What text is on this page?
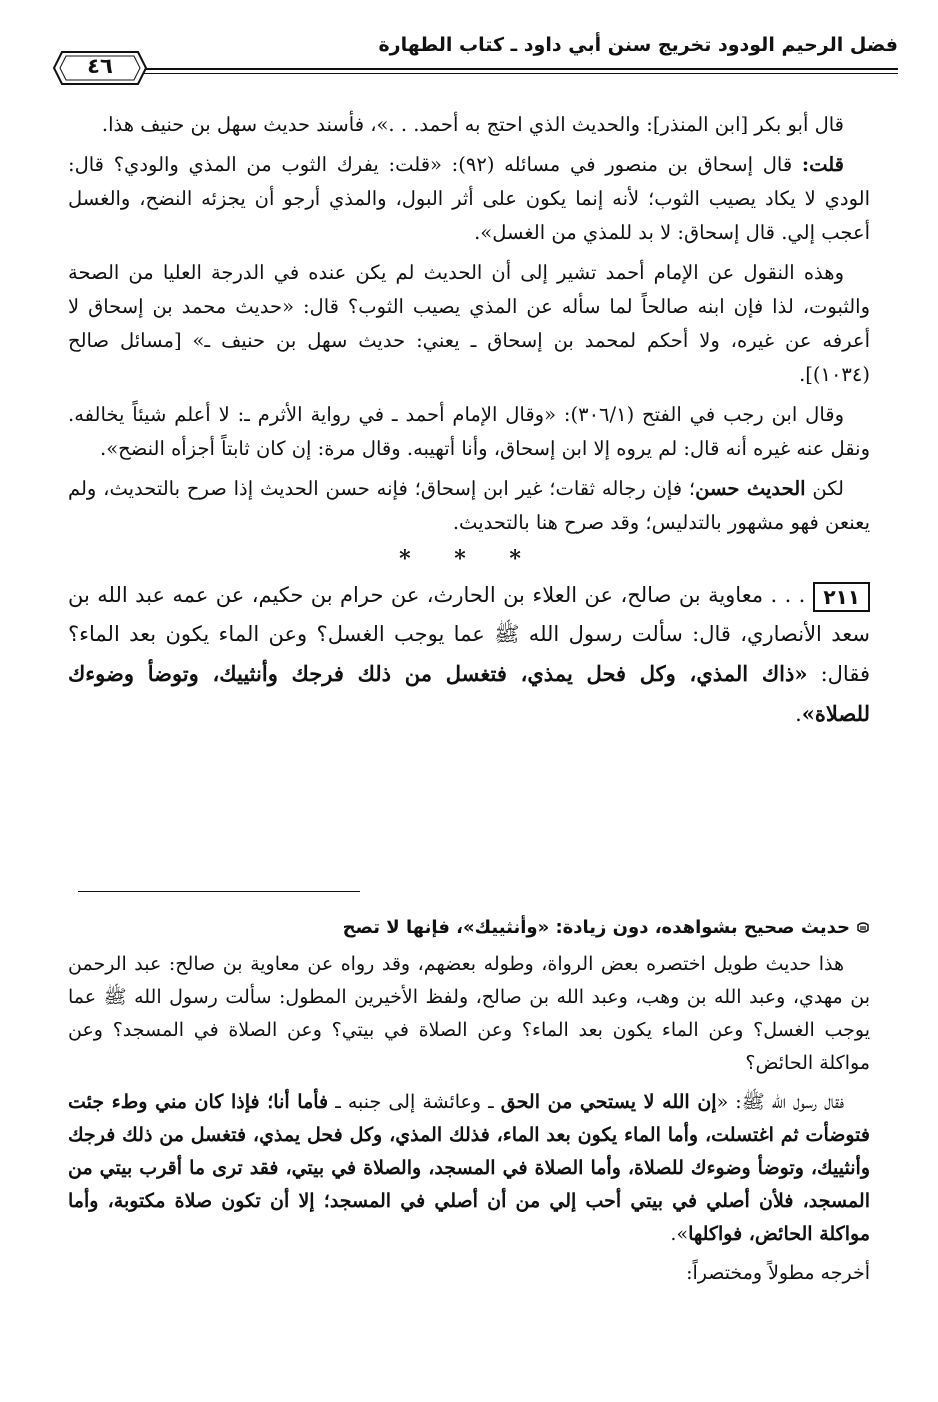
فضل الرحيم الودود تخريج سنن أبي داود ـ كتاب الطهارة
٤٦

قال أبو بكر [ابن المنذر]: والحديث الذي احتج به أحمد. . .»، فأسند حديث سهل بن حنيف هذا.

قلت: قال إسحاق بن منصور في مسائله (٩٢): «قلت: يفرك الثوب من المذي والودي؟ قال: الودي لا يكاد يصيب الثوب؛ لأنه إنما يكون على أثر البول، والمذي أرجو أن يجزئه النضح، والغسل أعجب إلي. قال إسحاق: لا بد للمذي من الغسل».

وهذه النقول عن الإمام أحمد تشير إلى أن الحديث لم يكن عنده في الدرجة العليا من الصحة والثبوت، لذا فإن ابنه صالحاً لما سأله عن المذي يصيب الثوب؟ قال: «حديث محمد بن إسحاق لا أعرفه عن غيره، ولا أحكم لمحمد بن إسحاق ـ يعني: حديث سهل بن حنيف ـ» [مسائل صالح (١٠٣٤)].

وقال ابن رجب في الفتح (٣٠٦/١): «وقال الإمام أحمد ـ في رواية الأثرم ـ: لا أعلم شيئاً يخالفه. ونقل عنه غيره أنه قال: لم يروه إلا ابن إسحاق، وأنا أتهيبه. وقال مرة: إن كان ثابتاً أجزأه النضح».

لكن الحديث حسن؛ فإن رجاله ثقات؛ غير ابن إسحاق؛ فإنه حسن الحديث إذا صرح بالتحديث، ولم يعنعن فهو مشهور بالتدليس؛ وقد صرح هنا بالتحديث.

* * *

٢١١. . . معاوية بن صالح، عن العلاء بن الحارث، عن حرام بن حكيم، عن عمه عبد الله بن سعد الأنصاري، قال: سألت رسول الله ﷺ عما يوجب الغسل؟ وعن الماء يكون بعد الماء؟ فقال: «ذاك المذي، وكل فحل يمذي، فتغسل من ذلك فرجك وأنثييك، وتوضأ وضوءك للصلاة».

حديث صحيح بشواهده، دون زيادة: «وأنثييك»، فإنها لا تصح

هذا حديث طويل اختصره بعض الرواة، وطوله بعضهم، وقد رواه عن معاوية بن صالح: عبد الرحمن بن مهدي، وعبد الله بن وهب، وعبد الله بن صالح، ولفظ الأخيرين المطول: سألت رسول الله ﷺ عما يوجب الغسل؟ وعن الماء يكون بعد الماء؟ وعن الصلاة في بيتي؟ وعن الصلاة في المسجد؟ وعن مواكلة الحائض؟

فقال رسول الله ﷺ: «إن الله لا يستحي من الحق ـ وعائشة إلى جنبه ـ فأما أنا؛ فإذا كان مني وطء جئت فتوضأت ثم اغتسلت، وأما الماء يكون بعد الماء، فذلك المذي، وكل فحل يمذي، فتغسل من ذلك فرجك وأنثييك، وتوضأ وضوءك للصلاة، وأما الصلاة في المسجد، والصلاة في بيتي، فقد ترى ما أقرب بيتي من المسجد، فلأن أصلي في بيتي أحب إلي من أن أصلي في المسجد؛ إلا أن تكون صلاة مكتوبة، وأما مواكلة الحائض، فواكلها».

أخرجه مطولاً ومختصراً:
